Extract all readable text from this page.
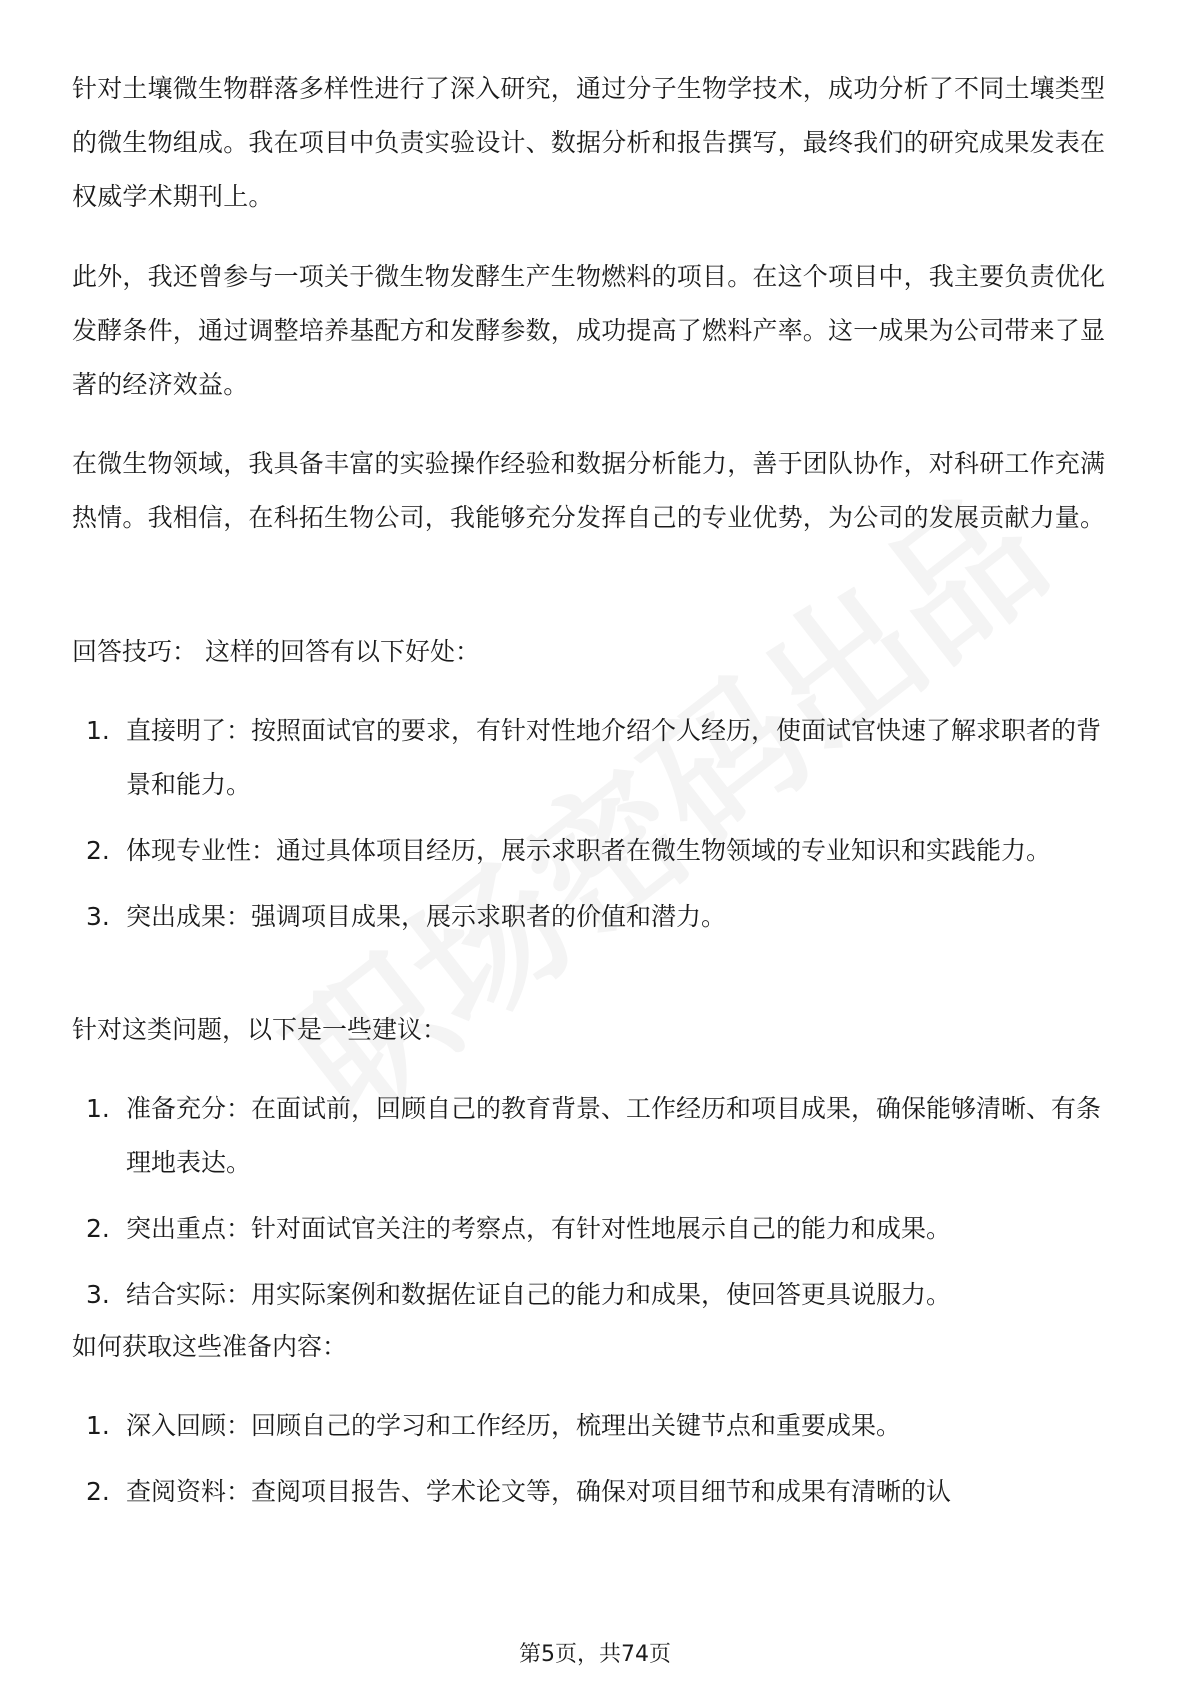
针对土壤微生物群落多样性进行了深入研究，通过分子生物学技术，成功分析了不同土壤类型的微生物组成。我在项目中负责实验设计、数据分析和报告撰写，最终我们的研究成果发表在权威学术期刊上。

此外，我还曾参与一项关于微生物发酵生产生物燃料的项目。在这个项目中，我主要负责优化发酵条件，通过调整培养基配方和发酵参数，成功提高了燃料产率。这一成果为公司带来了显著的经济效益。

在微生物领域，我具备丰富的实验操作经验和数据分析能力，善于团队协作，对科研工作充满热情。我相信，在科拓生物公司，我能够充分发挥自己的专业优势，为公司的发展贡献力量。

回答技巧： 这样的回答有以下好处：

1. 直接明了：按照面试官的要求，有针对性地介绍个人经历，使面试官快速了解求职者的背景和能力。
2. 体现专业性：通过具体项目经历，展示求职者在微生物领域的专业知识和实践能力。
3. 突出成果：强调项目成果，展示求职者的价值和潜力。

针对这类问题，以下是一些建议：

1. 准备充分：在面试前，回顾自己的教育背景、工作经历和项目成果，确保能够清晰、有条理地表达。
2. 突出重点：针对面试官关注的考察点，有针对性地展示自己的能力和成果。
3. 结合实际：用实际案例和数据佐证自己的能力和成果，使回答更具说服力。

如何获取这些准备内容：

1. 深入回顾：回顾自己的学习和工作经历，梳理出关键节点和重要成果。
2. 查阅资料：查阅项目报告、学术论文等，确保对项目细节和成果有清晰的认
第5页，共74页
